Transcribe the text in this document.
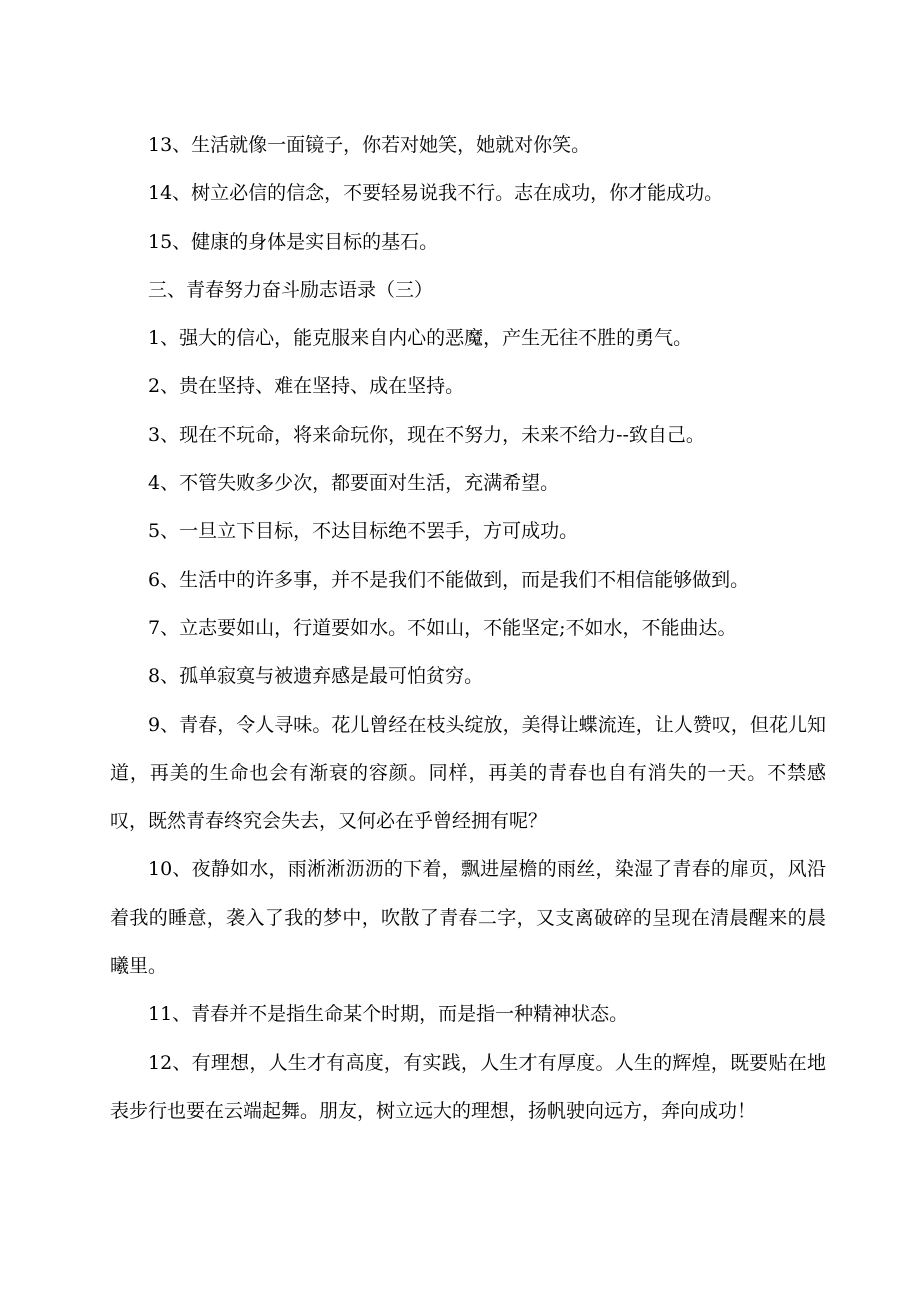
13、生活就像一面镜子，你若对她笑，她就对你笑。

14、树立必信的信念，不要轻易说我不行。志在成功，你才能成功。

15、健康的身体是实目标的基石。

三、青春努力奋斗励志语录（三）

1、强大的信心，能克服来自内心的恶魔，产生无往不胜的勇气。

2、贵在坚持、难在坚持、成在坚持。

3、现在不玩命，将来命玩你，现在不努力，未来不给力--致自己。

4、不管失败多少次，都要面对生活，充满希望。

5、一旦立下目标，不达目标绝不罢手，方可成功。

6、生活中的许多事，并不是我们不能做到，而是我们不相信能够做到。

7、立志要如山，行道要如水。不如山，不能坚定;不如水，不能曲达。

8、孤单寂寞与被遗弃感是最可怕贫穷。

9、青春，令人寻味。花儿曾经在枝头绽放，美得让蝶流连，让人赞叹，但花儿知道，再美的生命也会有渐衰的容颜。同样，再美的青春也自有消失的一天。不禁感叹，既然青春终究会失去，又何必在乎曾经拥有呢？

10、夜静如水，雨淅淅沥沥的下着，飘进屋檐的雨丝，染湿了青春的扉页，风沿着我的睡意，袭入了我的梦中，吹散了青春二字，又支离破碎的呈现在清晨醒来的晨曦里。

11、青春并不是指生命某个时期，而是指一种精神状态。

12、有理想，人生才有高度，有实践，人生才有厚度。人生的辉煌，既要贴在地表步行也要在云端起舞。朋友，树立远大的理想，扬帆驶向远方，奔向成功！
